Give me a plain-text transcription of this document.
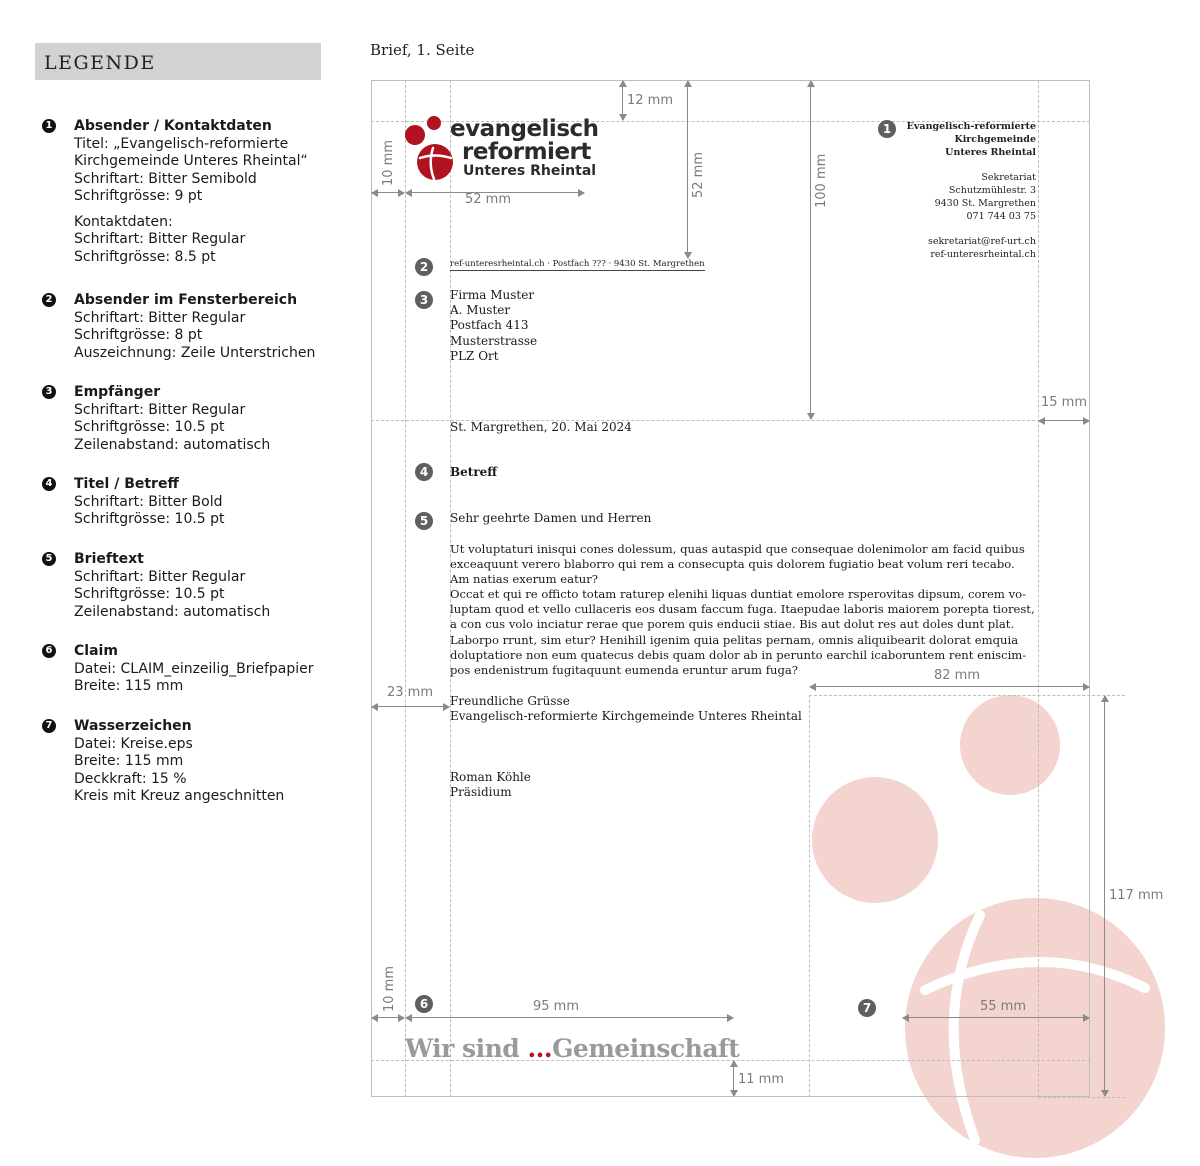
LEGENDE
1 Absender / Kontaktdaten
Titel: „Evangelisch-reformierte
Kirchgemeinde Unteres Rheintal“
Schriftart: Bitter Semibold
Schriftgrösse: 9 pt
Kontaktdaten:
Schriftart: Bitter Regular
Schriftgrösse: 8.5 pt
2 Absender im Fensterbereich
Schriftart: Bitter Regular
Schriftgrösse: 8 pt
Auszeichnung: Zeile Unterstrichen
3 Empfänger
Schriftart: Bitter Regular
Schriftgrösse: 10.5 pt
Zeilenabstand: automatisch
4 Titel / Betreff
Schriftart: Bitter Bold
Schriftgrösse: 10.5 pt
5 Brieftext
Schriftart: Bitter Regular
Schriftgrösse: 10.5 pt
Zeilenabstand: automatisch
6 Claim
Datei: CLAIM_einzeilig_Briefpapier
Breite: 115 mm
7 Wasserzeichen
Datei: Kreise.eps
Breite: 115 mm
Deckkraft: 15 %
Kreis mit Kreuz angeschnitten
Brief, 1. Seite
12 mm
10 mm
52 mm
52 mm	100 mm
15 mm
23 mm
82 mm
117 mm
10 mm	95 mm	55 mm
11 mm
evangelisch
reformiert
Unteres Rheintal
1
2
3
4
5
6	7
Evangelisch-reformierte
Kirchgemeinde
Unteres Rheintal
Sekretariat
Schutzmühlestr. 3
9430 St. Margrethen
071 744 03 75
sekretariat@ref-urt.ch
ref-unteresrheintal.ch
ref-unteresrheintal.ch · Postfach ??? · 9430 St. Margrethen
Firma Muster
A. Muster
Postfach 413
Musterstrasse
PLZ Ort
St. Margrethen, 20. Mai 2024
Betreff
Sehr geehrte Damen und Herren
Ut voluptaturi inisqui cones dolessum, quas autaspid que consequae dolenimolor am facid quibus
exceaquunt verero blaborro qui rem a consecupta quis dolorem fugiatio beat volum reri tecabo.
Am natias exerum eatur?
Occat et qui re officto totam raturep elenihi liquas duntiat emolore rsperovitas dipsum, corem vo-
luptam quod et vello cullaceris eos dusam faccum fuga. Itaepudae laboris maiorem porepta tiorest,
a con cus volo inciatur rerae que porem quis enducii stiae. Bis aut dolut res aut doles dunt plat.
Laborpo rrunt, sim etur? Henihill igenim quia pelitas pernam, omnis aliquibearit dolorat emquia
doluptatiore non eum quatecus debis quam dolor ab in perunto earchil icaboruntem rent eniscim-
pos endenistrum fugitaquunt eumenda eruntur arum fuga?
Freundliche Grüsse
Evangelisch-reformierte Kirchgemeinde Unteres Rheintal
Roman Köhle
Präsidium
Wir sind ...Gemeinschaft
